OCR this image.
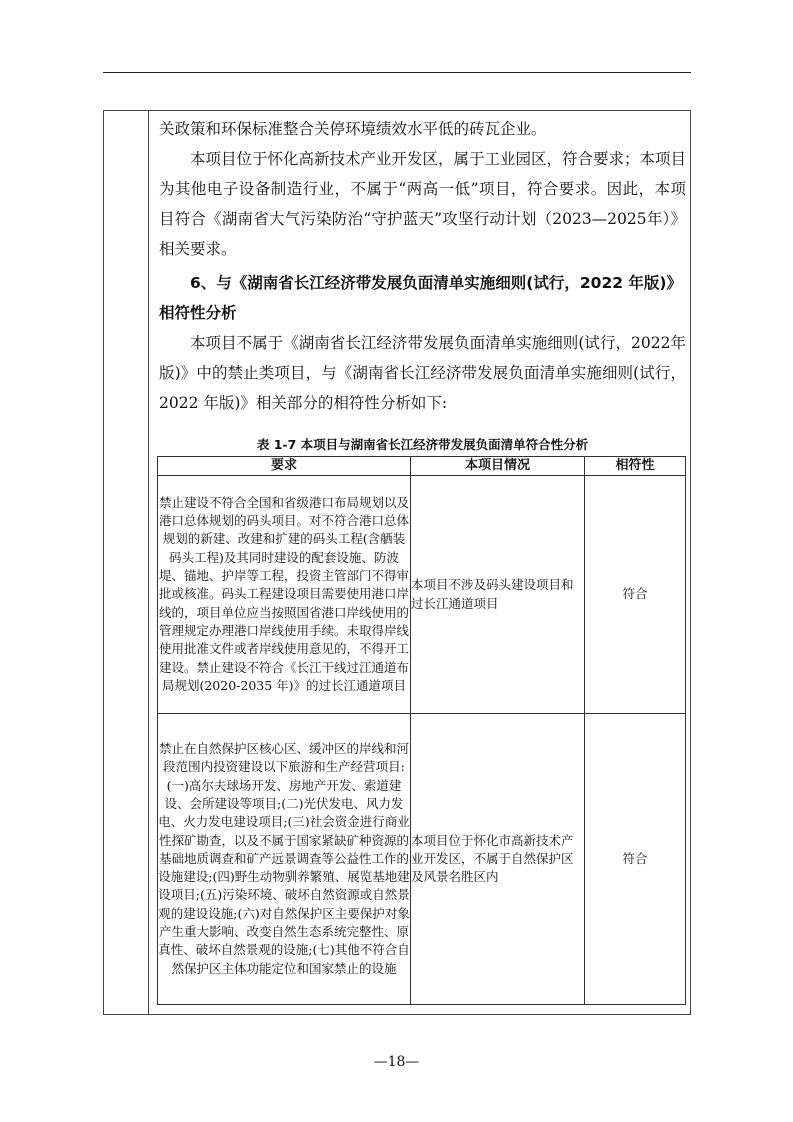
关政策和环保标准整合关停环境绩效水平低的砖瓦企业。

本项目位于怀化高新技术产业开发区，属于工业园区，符合要求；本项目为其他电子设备制造行业，不属于“两高一低”项目，符合要求。因此，本项目符合《湖南省大气污染防治“守护蓝天”攻坚行动计划（2023—2025年）》相关要求。

6、与《湖南省长江经济带发展负面清单实施细则(试行，2022 年版)》相符性分析

本项目不属于《湖南省长江经济带发展负面清单实施细则(试行，2022年版)》中的禁止类项目，与《湖南省长江经济带发展负面清单实施细则(试行，2022 年版)》相关部分的相符性分析如下:

表 1-7 本项目与湖南省长江经济带发展负面清单符合性分析
要求	本项目情况	相符性
禁止建设不符合全国和省级港口布局规划以及港口总体规划的码头项目。对不符合港口总体规划的新建、改建和扩建的码头工程(含舾装码头工程)及其同时建设的配套设施、防波堤、锚地、护岸等工程，投资主管部门不得审批或核准。码头工程建设项目需要使用港口岸线的，项目单位应当按照国省港口岸线使用的管理规定办理港口岸线使用手续。未取得岸线使用批准文件或者岸线使用意见的，不得开工建设。禁止建设不符合《长江干线过江通道布局规划(2020-2035 年)》的过长江通道项目	本项目不涉及码头建设项目和过长江通道项目	符合
禁止在自然保护区核心区、缓冲区的岸线和河段范围内投资建设以下旅游和生产经营项目:(一)高尔夫球场开发、房地产开发、索道建设、会所建设等项目;(二)光伏发电、风力发电、火力发电建设项目;(三)社会资金进行商业性探矿勘查，以及不属于国家紧缺矿种资源的基础地质调查和矿产远景调查等公益性工作的设施建设;(四)野生动物驯养繁殖、展览基地建设项目;(五)污染环境、破坏自然资源或自然景观的建设设施;(六)对自然保护区主要保护对象产生重大影响、改变自然生态系统完整性、原真性、破坏自然景观的设施;(七)其他不符合自然保护区主体功能定位和国家禁止的设施	本项目位于怀化市高新技术产业开发区，不属于自然保护区及风景名胜区内	符合
—18—
